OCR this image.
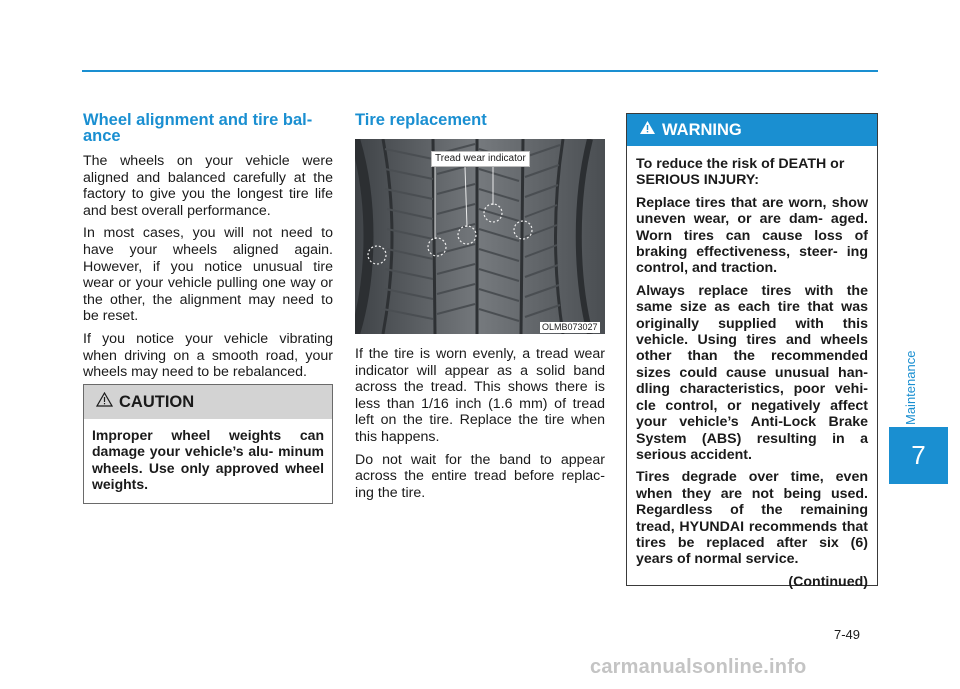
Wheel alignment and tire bal-
ance

The wheels on your vehicle were aligned and balanced carefully at the factory to give you the longest tire life and best overall performance.

In most cases, you will not need to have your wheels aligned again. However, if you notice unusual tire wear or your vehicle pulling one way or the other, the alignment may need to be reset.

If you notice your vehicle vibrating when driving on a smooth road, your wheels may need to be rebalanced.

CAUTION
Improper wheel weights can damage your vehicle’s alu- minum wheels. Use only approved wheel weights.
Tire replacement
Tread wear indicator
OLMB073027

If the tire is worn evenly, a tread wear indicator will appear as a solid band across the tread. This shows there is less than 1/16 inch (1.6 mm) of tread left on the tire. Replace the tire when this happens.

Do not wait for the band to appear across the entire tread before replac- ing the tire.

WARNING

To reduce the risk of DEATH or SERIOUS INJURY:

Replace tires that are worn, show uneven wear, or are dam- aged. Worn tires can cause loss of braking effectiveness, steer- ing control, and traction.

Always replace tires with the same size as each tire that was originally supplied with this vehicle. Using tires and wheels other than the recommended sizes could cause unusual han- dling characteristics, poor vehi- cle control, or negatively affect your vehicle’s Anti-Lock Brake System (ABS) resulting in a serious accident.

Tires degrade over time, even when they are not being used. Regardless of the remaining tread, HYUNDAI recommends that tires be replaced after six (6) years of normal service.

(Continued)

Maintenance
7
7-49
carmanualsonline.info
